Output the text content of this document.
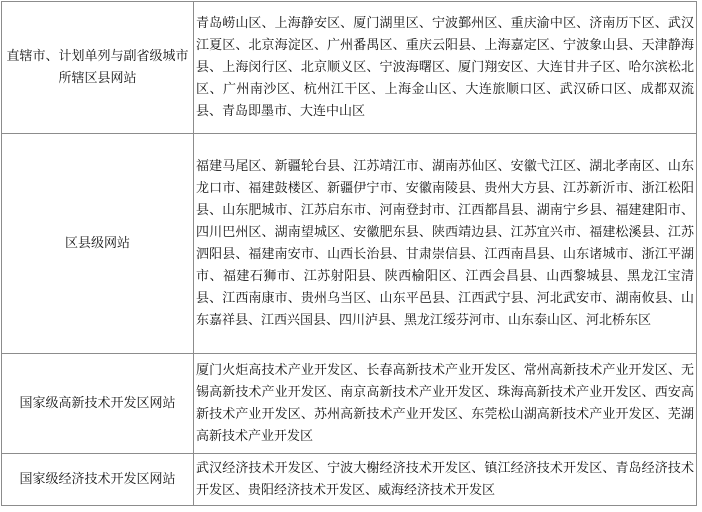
直辖市、计划单列与副省级城市所辖区县网站	青岛崂山区、上海静安区、厦门湖里区、宁波鄞州区、重庆渝中区、济南历下区、武汉江夏区、北京海淀区、广州番禺区、重庆云阳县、上海嘉定区、宁波象山县、天津静海县、上海闵行区、北京顺义区、宁波海曙区、厦门翔安区、大连甘井子区、哈尔滨松北区、广州南沙区、杭州江干区、上海金山区、大连旅顺口区、武汉硚口区、成都双流县、青岛即墨市、大连中山区
区县级网站	福建马尾区、新疆轮台县、江苏靖江市、湖南苏仙区、安徽弋江区、湖北孝南区、山东龙口市、福建鼓楼区、新疆伊宁市、安徽南陵县、贵州大方县、江苏新沂市、浙江松阳县、山东肥城市、江苏启东市、河南登封市、江西都昌县、湖南宁乡县、福建建阳市、四川巴州区、湖南望城区、安徽肥东县、陕西靖边县、江苏宜兴市、福建松溪县、江苏泗阳县、福建南安市、山西长治县、甘肃崇信县、江西南昌县、山东诸城市、浙江平湖市、福建石狮市、江苏射阳县、陕西榆阳区、江西会昌县、山西黎城县、黑龙江宝清县、江西南康市、贵州乌当区、山东平邑县、江西武宁县、河北武安市、湖南攸县、山东嘉祥县、江西兴国县、四川泸县、黑龙江绥芬河市、山东泰山区、河北桥东区
国家级高新技术开发区网站	厦门火炬高技术产业开发区、长春高新技术产业开发区、常州高新技术产业开发区、无锡高新技术产业开发区、南京高新技术产业开发区、珠海高新技术产业开发区、西安高新技术产业开发区、苏州高新技术产业开发区、东莞松山湖高新技术产业开发区、芜湖高新技术产业开发区
国家级经济技术开发区网站	武汉经济技术开发区、宁波大榭经济技术开发区、镇江经济技术开发区、青岛经济技术开发区、贵阳经济技术开发区、威海经济技术开发区
